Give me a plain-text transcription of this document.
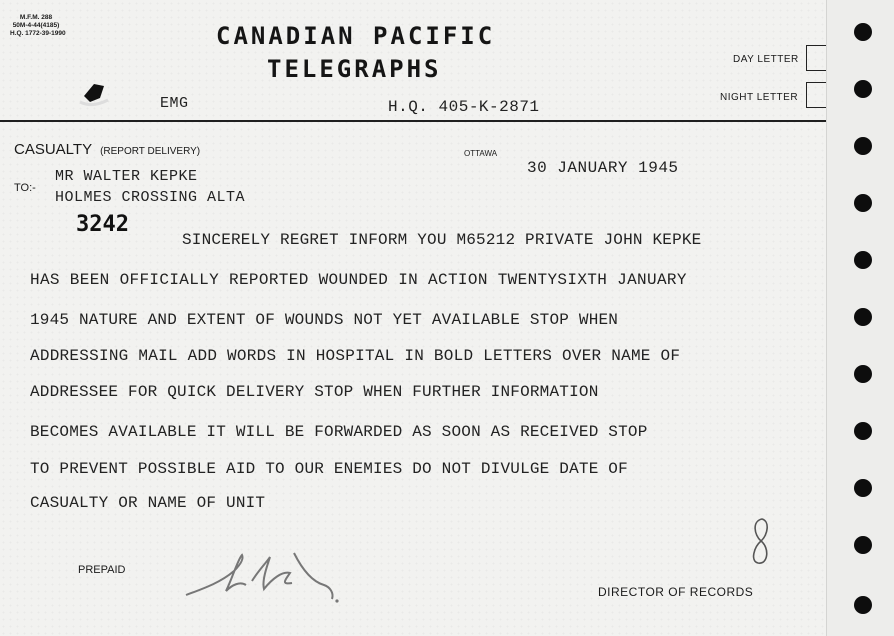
M.F.M. 288
50M-4-44(4185)
H.Q. 1772-39-1990	CANADIAN PACIFIC
TELEGRAPHS	DAY LETTER
NIGHT LETTER
EMG	H.Q. 405-K-2871
CASUALTY (REPORT DELIVERY)	OTTAWA
30 JANUARY 1945
TO:-
MR WALTER KEPKE
HOLMES CROSSING ALTA
3242
SINCERELY REGRET INFORM YOU M65212 PRIVATE JOHN KEPKE
HAS BEEN OFFICIALLY REPORTED WOUNDED IN ACTION TWENTYSIXTH JANUARY
1945 NATURE AND EXTENT OF WOUNDS NOT YET AVAILABLE STOP WHEN
ADDRESSING MAIL ADD WORDS IN HOSPITAL IN BOLD LETTERS OVER NAME OF
ADDRESSEE FOR QUICK DELIVERY STOP WHEN FURTHER INFORMATION
BECOMES AVAILABLE IT WILL BE FORWARDED AS SOON AS RECEIVED STOP
TO PREVENT POSSIBLE AID TO OUR ENEMIES DO NOT DIVULGE DATE OF
CASUALTY OR NAME OF UNIT
PREPAID
DIRECTOR OF RECORDS
